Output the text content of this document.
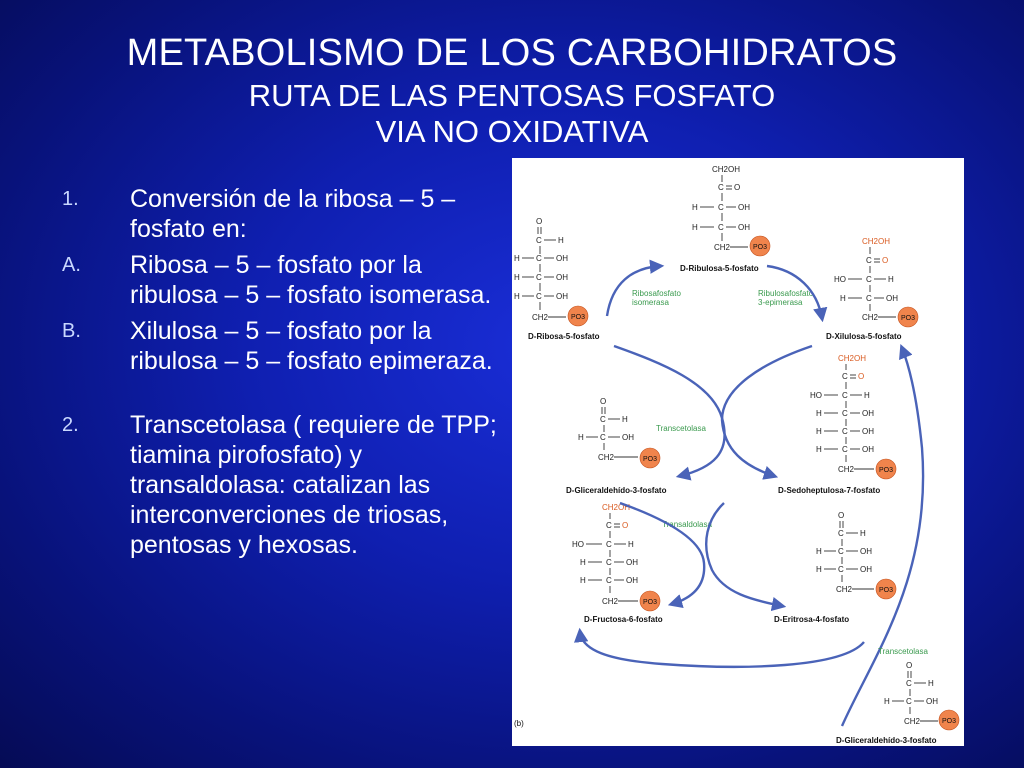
METABOLISMO DE LOS CARBOHIDRATOS
RUTA DE LAS PENTOSAS FOSFATO
VIA NO OXIDATIVA
1.	Conversión de la ribosa – 5 – fosfato en:
A.	Ribosa – 5 – fosfato por la ribulosa – 5 – fosfato isomerasa.
B.	Xilulosa – 5 – fosfato por la ribulosa – 5 – fosfato epimeraza.
2.	Transcetolasa ( requiere de TPP; tiamina pirofosfato) y transaldolasa: catalizan las interconverciones de triosas, pentosas y hexosas.
CH2OH
C O
H	C OH
H	C OH
CH2	PO3
D-Ribulosa-5-fosfato
O
C H
H C OH
H C OH
H C OH
CH2	PO3
D-Ribosa-5-fosfato
CH2OH
C O
HO	C H
H	C OH
CH2	PO3
D-Xilulosa-5-fosfato
Ribosafosfato
isomerasa
Ribulosafosfato
3-epimerasa
CH2OH
C O
HO	C H
H	C OH
H	C OH
H	C OH
CH2	PO3
D-Sedoheptulosa-7-fosfato
O
C H
H C OH
CH2	PO3
D-Gliceraldehído-3-fosfato
Transcetolasa
CH2OH
C O
HO	C H
H	C OH
H	C OH
CH2	PO3
D-Fructosa-6-fosfato
Transaldolasa
O
C H
H C OH
H C OH
CH2	PO3
D-Eritrosa-4-fosfato
Transcetolasa
O
C H
H C OH
CH2	PO3
D-Gliceraldehído-3-fosfato
(b)
